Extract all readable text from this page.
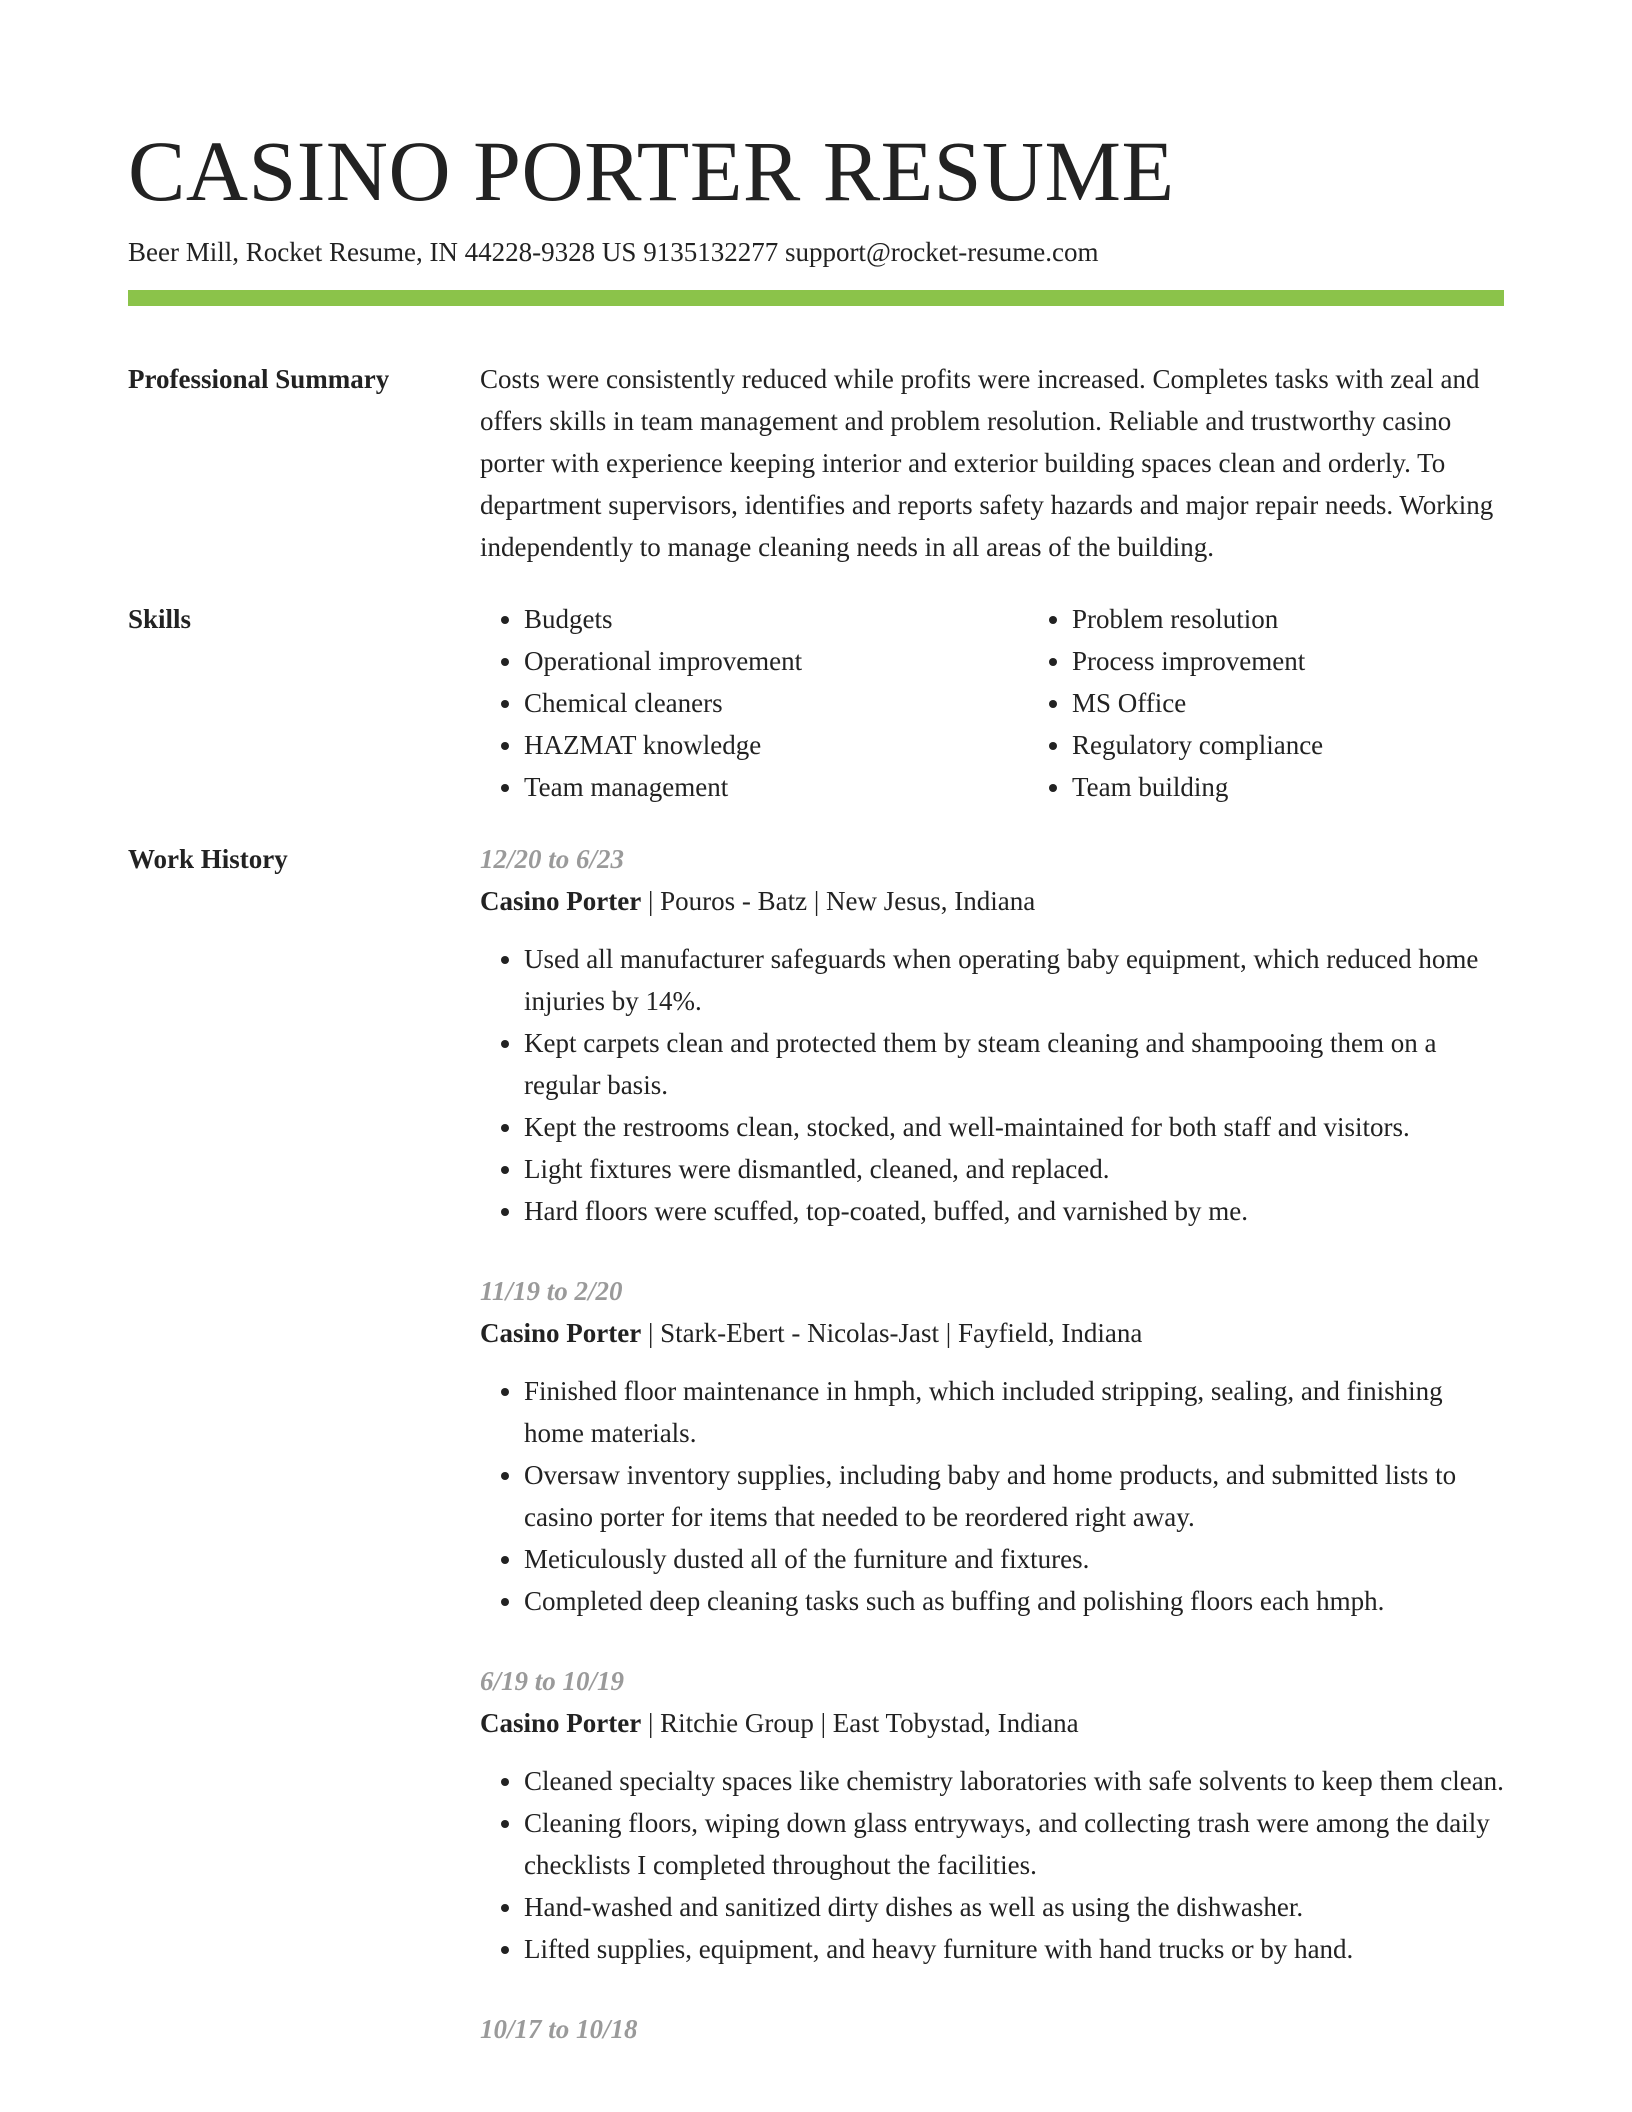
CASINO PORTER RESUME
Beer Mill, Rocket Resume, IN 44228-9328 US 9135132277 support@rocket-resume.com
Professional Summary	Costs were consistently reduced while profits were increased. Completes tasks with zeal and offers skills in team management and problem resolution. Reliable and trustworthy casino porter with experience keeping interior and exterior building spaces clean and orderly. To department supervisors, identifies and reports safety hazards and major repair needs. Working independently to manage cleaning needs in all areas of the building.

Skills
•	Budgets
• Operational improvement
• Chemical cleaners
• HAZMAT knowledge
• Team management
• Problem resolution
• Process improvement
• MS Office
• Regulatory compliance
• Team building
Work History	12/20 to 6/23
Casino Porter | Pouros - Batz | New Jesus, Indiana
• Used all manufacturer safeguards when operating baby equipment, which reduced home injuries by 14%.
• Kept carpets clean and protected them by steam cleaning and shampooing them on a regular basis.
• Kept the restrooms clean, stocked, and well-maintained for both staff and visitors.
• Light fixtures were dismantled, cleaned, and replaced.
• Hard floors were scuffed, top-coated, buffed, and varnished by me.
11/19 to 2/20
Casino Porter | Stark-Ebert - Nicolas-Jast | Fayfield, Indiana
• Finished floor maintenance in hmph, which included stripping, sealing, and finishing home materials.
• Oversaw inventory supplies, including baby and home products, and submitted lists to casino porter for items that needed to be reordered right away.
• Meticulously dusted all of the furniture and fixtures.
• Completed deep cleaning tasks such as buffing and polishing floors each hmph.
6/19 to 10/19
Casino Porter | Ritchie Group | East Tobystad, Indiana
• Cleaned specialty spaces like chemistry laboratories with safe solvents to keep them clean.
• Cleaning floors, wiping down glass entryways, and collecting trash were among the daily checklists I completed throughout the facilities.
• Hand-washed and sanitized dirty dishes as well as using the dishwasher.
• Lifted supplies, equipment, and heavy furniture with hand trucks or by hand.
10/17 to 10/18
